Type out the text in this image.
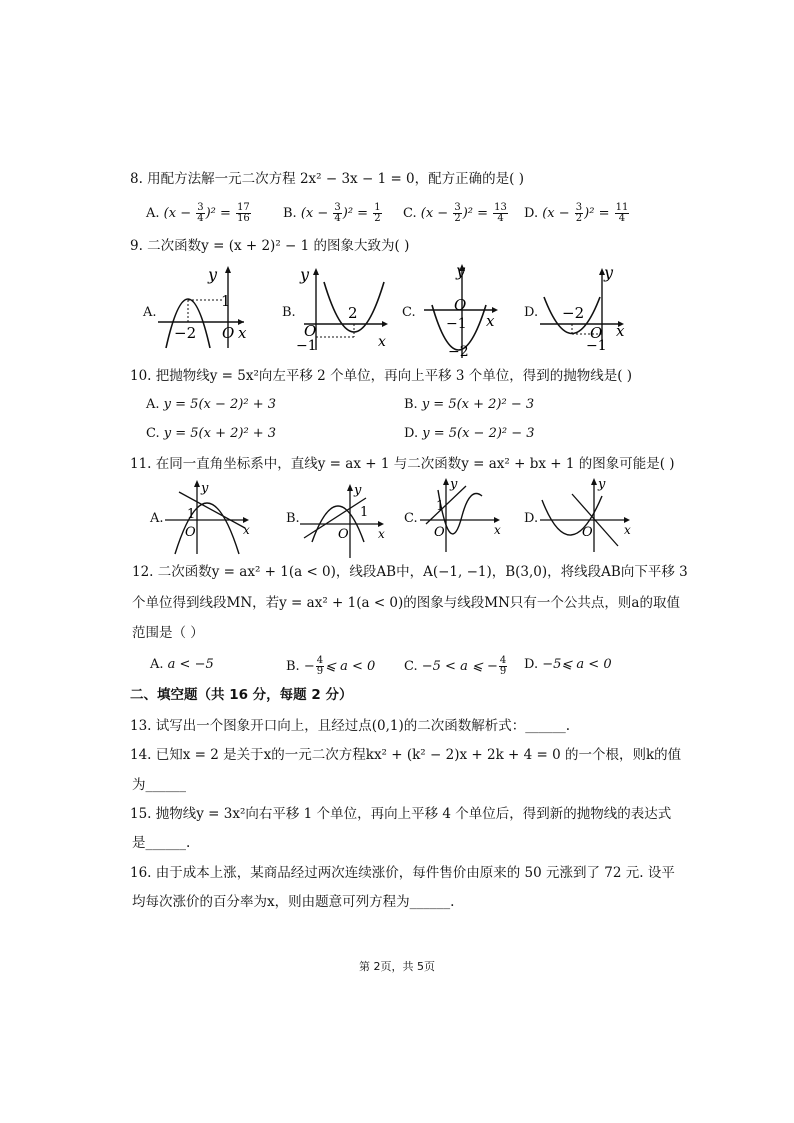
8. 用配方法解一元二次方程 2x² − 3x − 1 = 0，配方正确的是( )
9. 二次函数y = (x + 2)² − 1 的图象大致为( )
A.
y
1
−2 O x
B.
y
2
O
−1	x
C.
y
O
−1
−2
x D.
y
−2
O
−1
x
10. 把抛物线y = 5x²向左平移 2 个单位，再向上平移 3 个单位，得到的抛物线是( )
A. y = 5(x − 2)² + 3	B. y = 5(x + 2)² − 3
C. y = 5(x + 2)² + 3	D. y = 5(x − 2)² − 3
11. 在同一直角坐标系中，直线y = ax + 1 与二次函数y = ax² + bx + 1 的图象可能是( )
A.
y
1
O	x
B.
y
1
O x
C.
y
1
O	x
D.
y
O	x
12. 二次函数y = ax² + 1(a < 0)，线段AB中，A(−1, −1)，B(3,0)，将线段AB向下平移 3
个单位得到线段MN，若y = ax² + 1(a < 0)的图象与线段MN只有一个公共点，则a的取值
范围是（ ）
二、填空题（共 16 分，每题 2 分）
13. 试写出一个图象开口向上，且经过点(0,1)的二次函数解析式：______.
14. 已知x = 2 是关于x的一元二次方程kx² + (k² − 2)x + 2k + 4 = 0 的一个根，则k的值
为______
15. 抛物线y = 3x²向右平移 1 个单位，再向上平移 4 个单位后，得到新的抛物线的表达式
是______.
16. 由于成本上涨，某商品经过两次连续涨价，每件售价由原来的 50 元涨到了 72 元. 设平
均每次涨价的百分率为x，则由题意可列方程为______.
第 2页，共 5页
A. $(x - \frac{3}{4} )^2 = \frac{17}{16} B$. $(x - \frac{3}{4} )^2 = \frac{1}{2} C$. $(x - \frac{3}{2} )^2 = \frac{13}{4} D$. $(x - \frac{3}{2} )^2 = \frac{11}{4}$
A. a < −5	B. − $\frac{4}{9}$ ⩽ a < 0 C. −5 < a ⩽ − $\frac{4}{9} D$. −5⩽ a < 0
